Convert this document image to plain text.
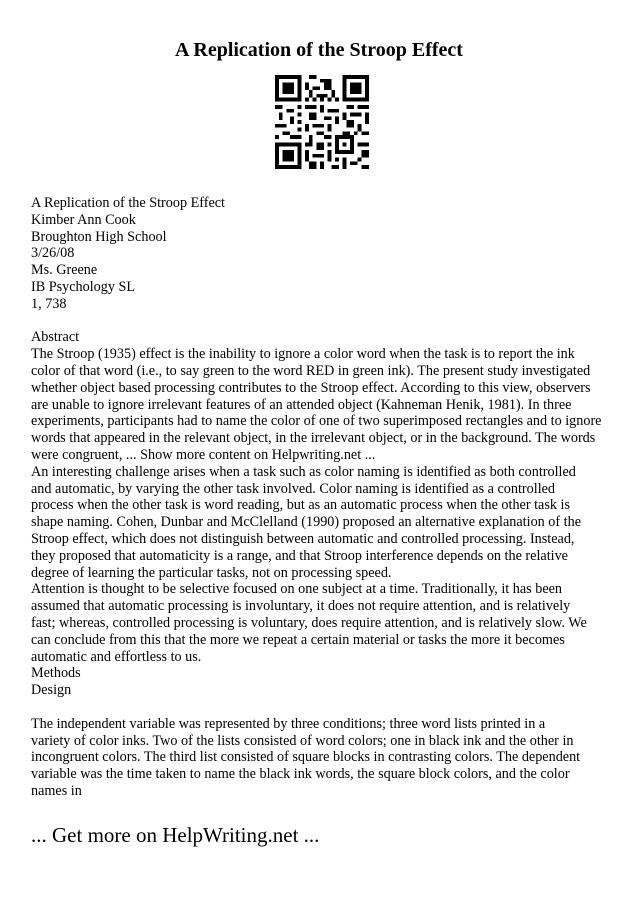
A Replication of the Stroop Effect
A Replication of the Stroop Effect
Kimber Ann Cook
Broughton High School
3/26/08
Ms. Greene
IB Psychology SL
1, 738
Abstract
The Stroop (1935) effect is the inability to ignore a color word when the task is to report the ink
color of that word (i.e., to say green to the word RED in green ink). The present study investigated
whether object based processing contributes to the Stroop effect. According to this view, observers
are unable to ignore irrelevant features of an attended object (Kahneman Henik, 1981). In three
experiments, participants had to name the color of one of two superimposed rectangles and to ignore
words that appeared in the relevant object, in the irrelevant object, or in the background. The words
were congruent, ... Show more content on Helpwriting.net ...
An interesting challenge arises when a task such as color naming is identified as both controlled
and automatic, by varying the other task involved. Color naming is identified as a controlled
process when the other task is word reading, but as an automatic process when the other task is
shape naming. Cohen, Dunbar and McClelland (1990) proposed an alternative explanation of the
Stroop effect, which does not distinguish between automatic and controlled processing. Instead,
they proposed that automaticity is a range, and that Stroop interference depends on the relative
degree of learning the particular tasks, not on processing speed.
Attention is thought to be selective focused on one subject at a time. Traditionally, it has been
assumed that automatic processing is involuntary, it does not require attention, and is relatively
fast; whereas, controlled processing is voluntary, does require attention, and is relatively slow. We
can conclude from this that the more we repeat a certain material or tasks the more it becomes
automatic and effortless to us.
Methods
Design
The independent variable was represented by three conditions; three word lists printed in a
variety of color inks. Two of the lists consisted of word colors; one in black ink and the other in
incongruent colors. The third list consisted of square blocks in contrasting colors. The dependent
variable was the time taken to name the black ink words, the square block colors, and the color
names in
... Get more on HelpWriting.net ...
